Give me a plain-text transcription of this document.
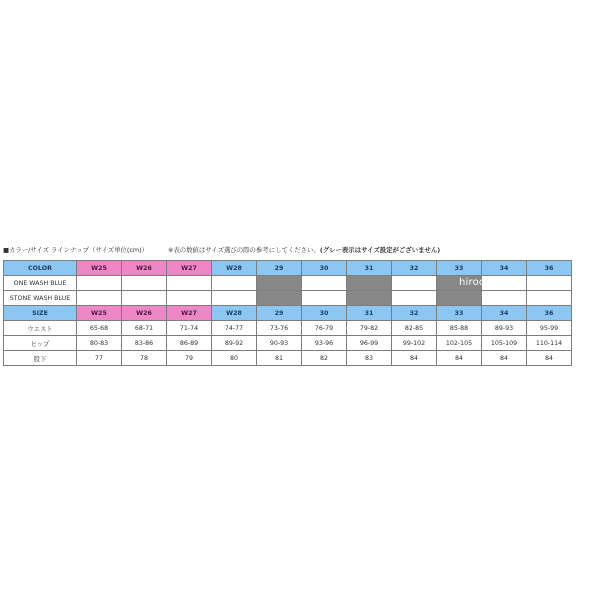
■カラー/サイズ ラインナップ（サイズ単位(cm)）	※表の数値はサイズ選びの際の参考にしてください。(グレー表示はサイズ設定がございません)
COLOR	W25	W26	W27	W28	29	30	31	32	33	34	36
ONE WASH BLUE											
STONE WASH BLUE											
SIZE	W25	W26	W27	W28	29	30	31	32	33	34	36
ウエスト	65-68	68-71	71-74	74-77	73-76	76-79	79-82	82-85	85-88	89-93	95-99
ヒップ	80-83	83-86	86-89	89-92	90-93	93-96	96-99	99-102	102-105	105-109	110-114
股下	77	78	79	80	81	82	83	84	84	84	84
hirochi
